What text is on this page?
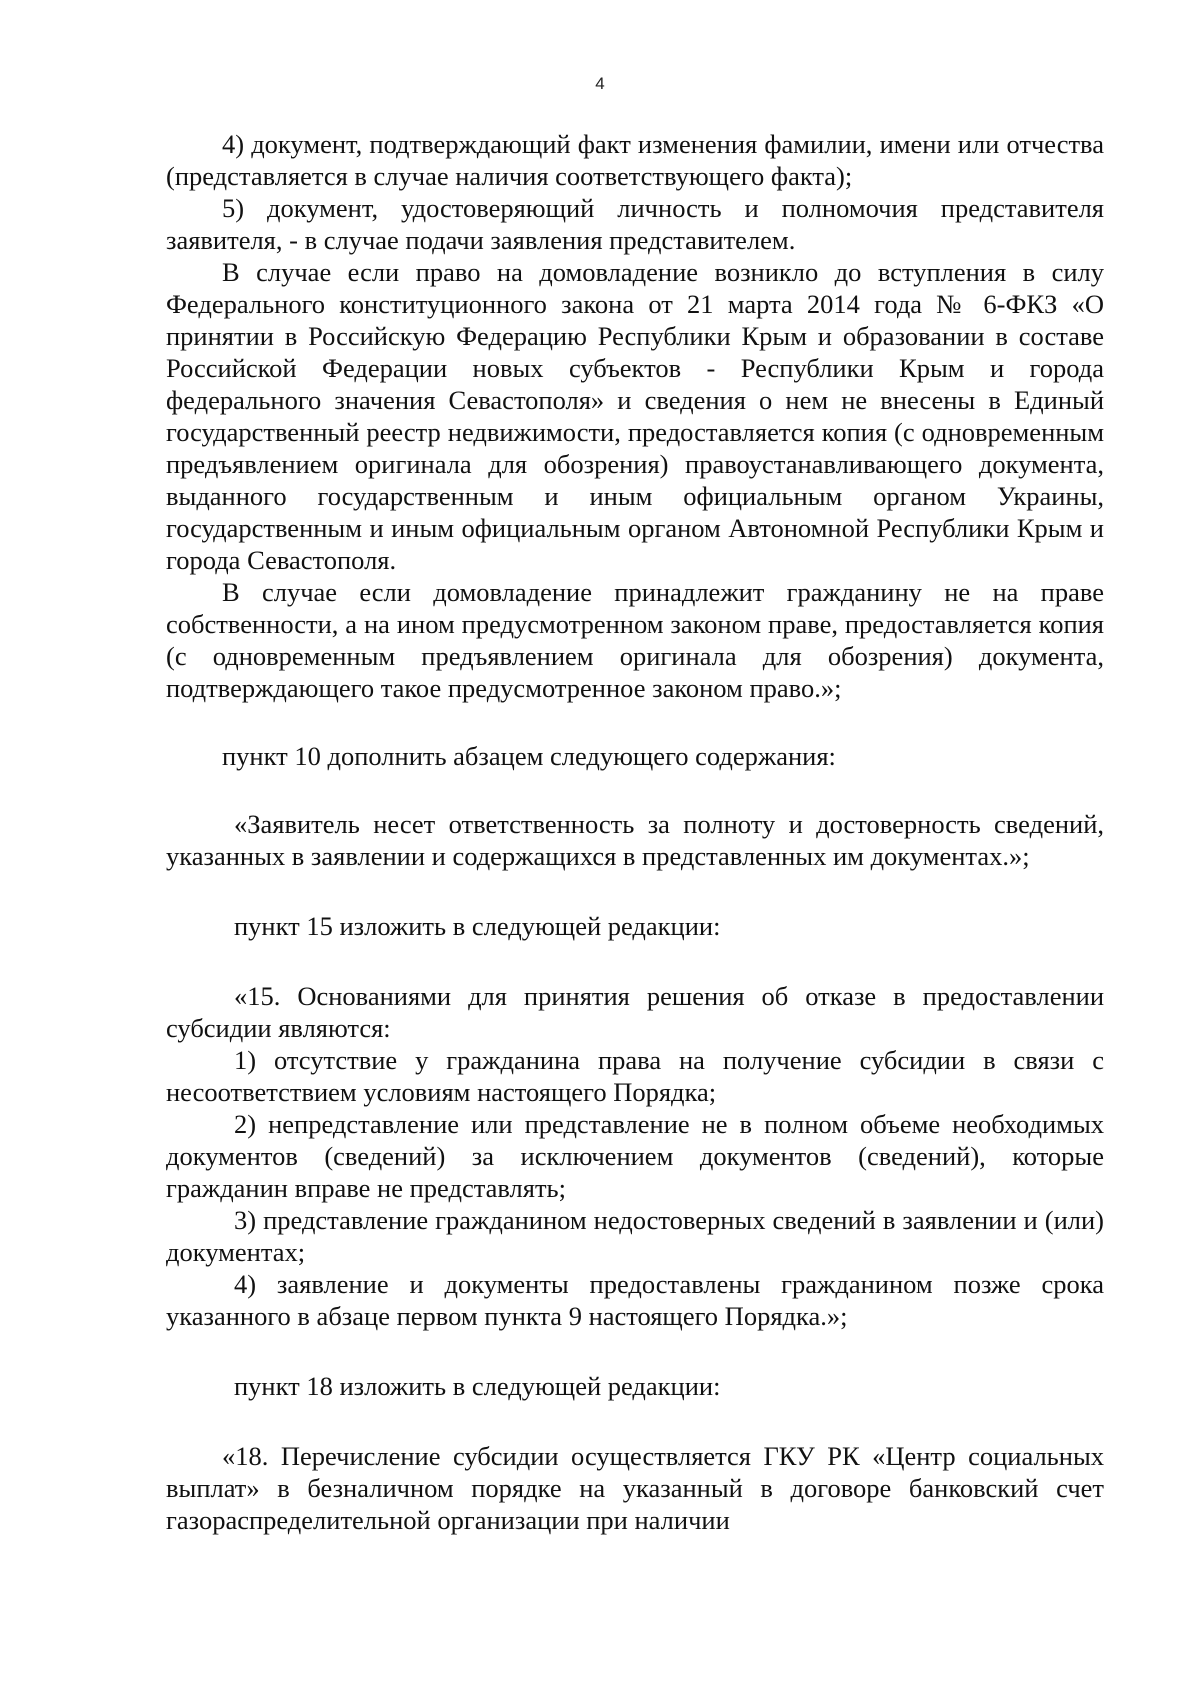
4

4) документ, подтверждающий факт изменения фамилии, имени или отчества (представляется в случае наличия соответствующего факта);

5) документ, удостоверяющий личность и полномочия представителя заявителя, - в случае подачи заявления представителем.

В случае если право на домовладение возникло до вступления в силу Федерального конституционного закона от 21 марта 2014 года № 6-ФКЗ «О принятии в Российскую Федерацию Республики Крым и образовании в составе Российской Федерации новых субъектов - Республики Крым и города федерального значения Севастополя» и сведения о нем не внесены в Единый государственный реестр недвижимости, предоставляется копия (с одновременным предъявлением оригинала для обозрения) правоустанавливающего документа, выданного государственным и иным официальным органом Украины, государственным и иным официальным органом Автономной Республики Крым и города Севастополя.

В случае если домовладение принадлежит гражданину не на праве собственности, а на ином предусмотренном законом праве, предоставляется копия (с одновременным предъявлением оригинала для обозрения) документа, подтверждающего такое предусмотренное законом право.»;

пункт 10 дополнить абзацем следующего содержания:

«Заявитель несет ответственность за полноту и достоверность сведений, указанных в заявлении и содержащихся в представленных им документах.»;

пункт 15 изложить в следующей редакции:

«15. Основаниями для принятия решения об отказе в предоставлении субсидии являются:

1) отсутствие у гражданина права на получение субсидии в связи с несоответствием условиям настоящего Порядка;

2) непредставление или представление не в полном объеме необходимых документов (сведений) за исключением документов (сведений), которые гражданин вправе не представлять;

3) представление гражданином недостоверных сведений в заявлении и (или) документах;

4) заявление и документы предоставлены гражданином позже срока указанного в абзаце первом пункта 9 настоящего Порядка.»;

пункт 18 изложить в следующей редакции:

«18. Перечисление субсидии осуществляется ГКУ РК «Центр социальных выплат» в безналичном порядке на указанный в договоре банковский счет газораспределительной организации при наличии
